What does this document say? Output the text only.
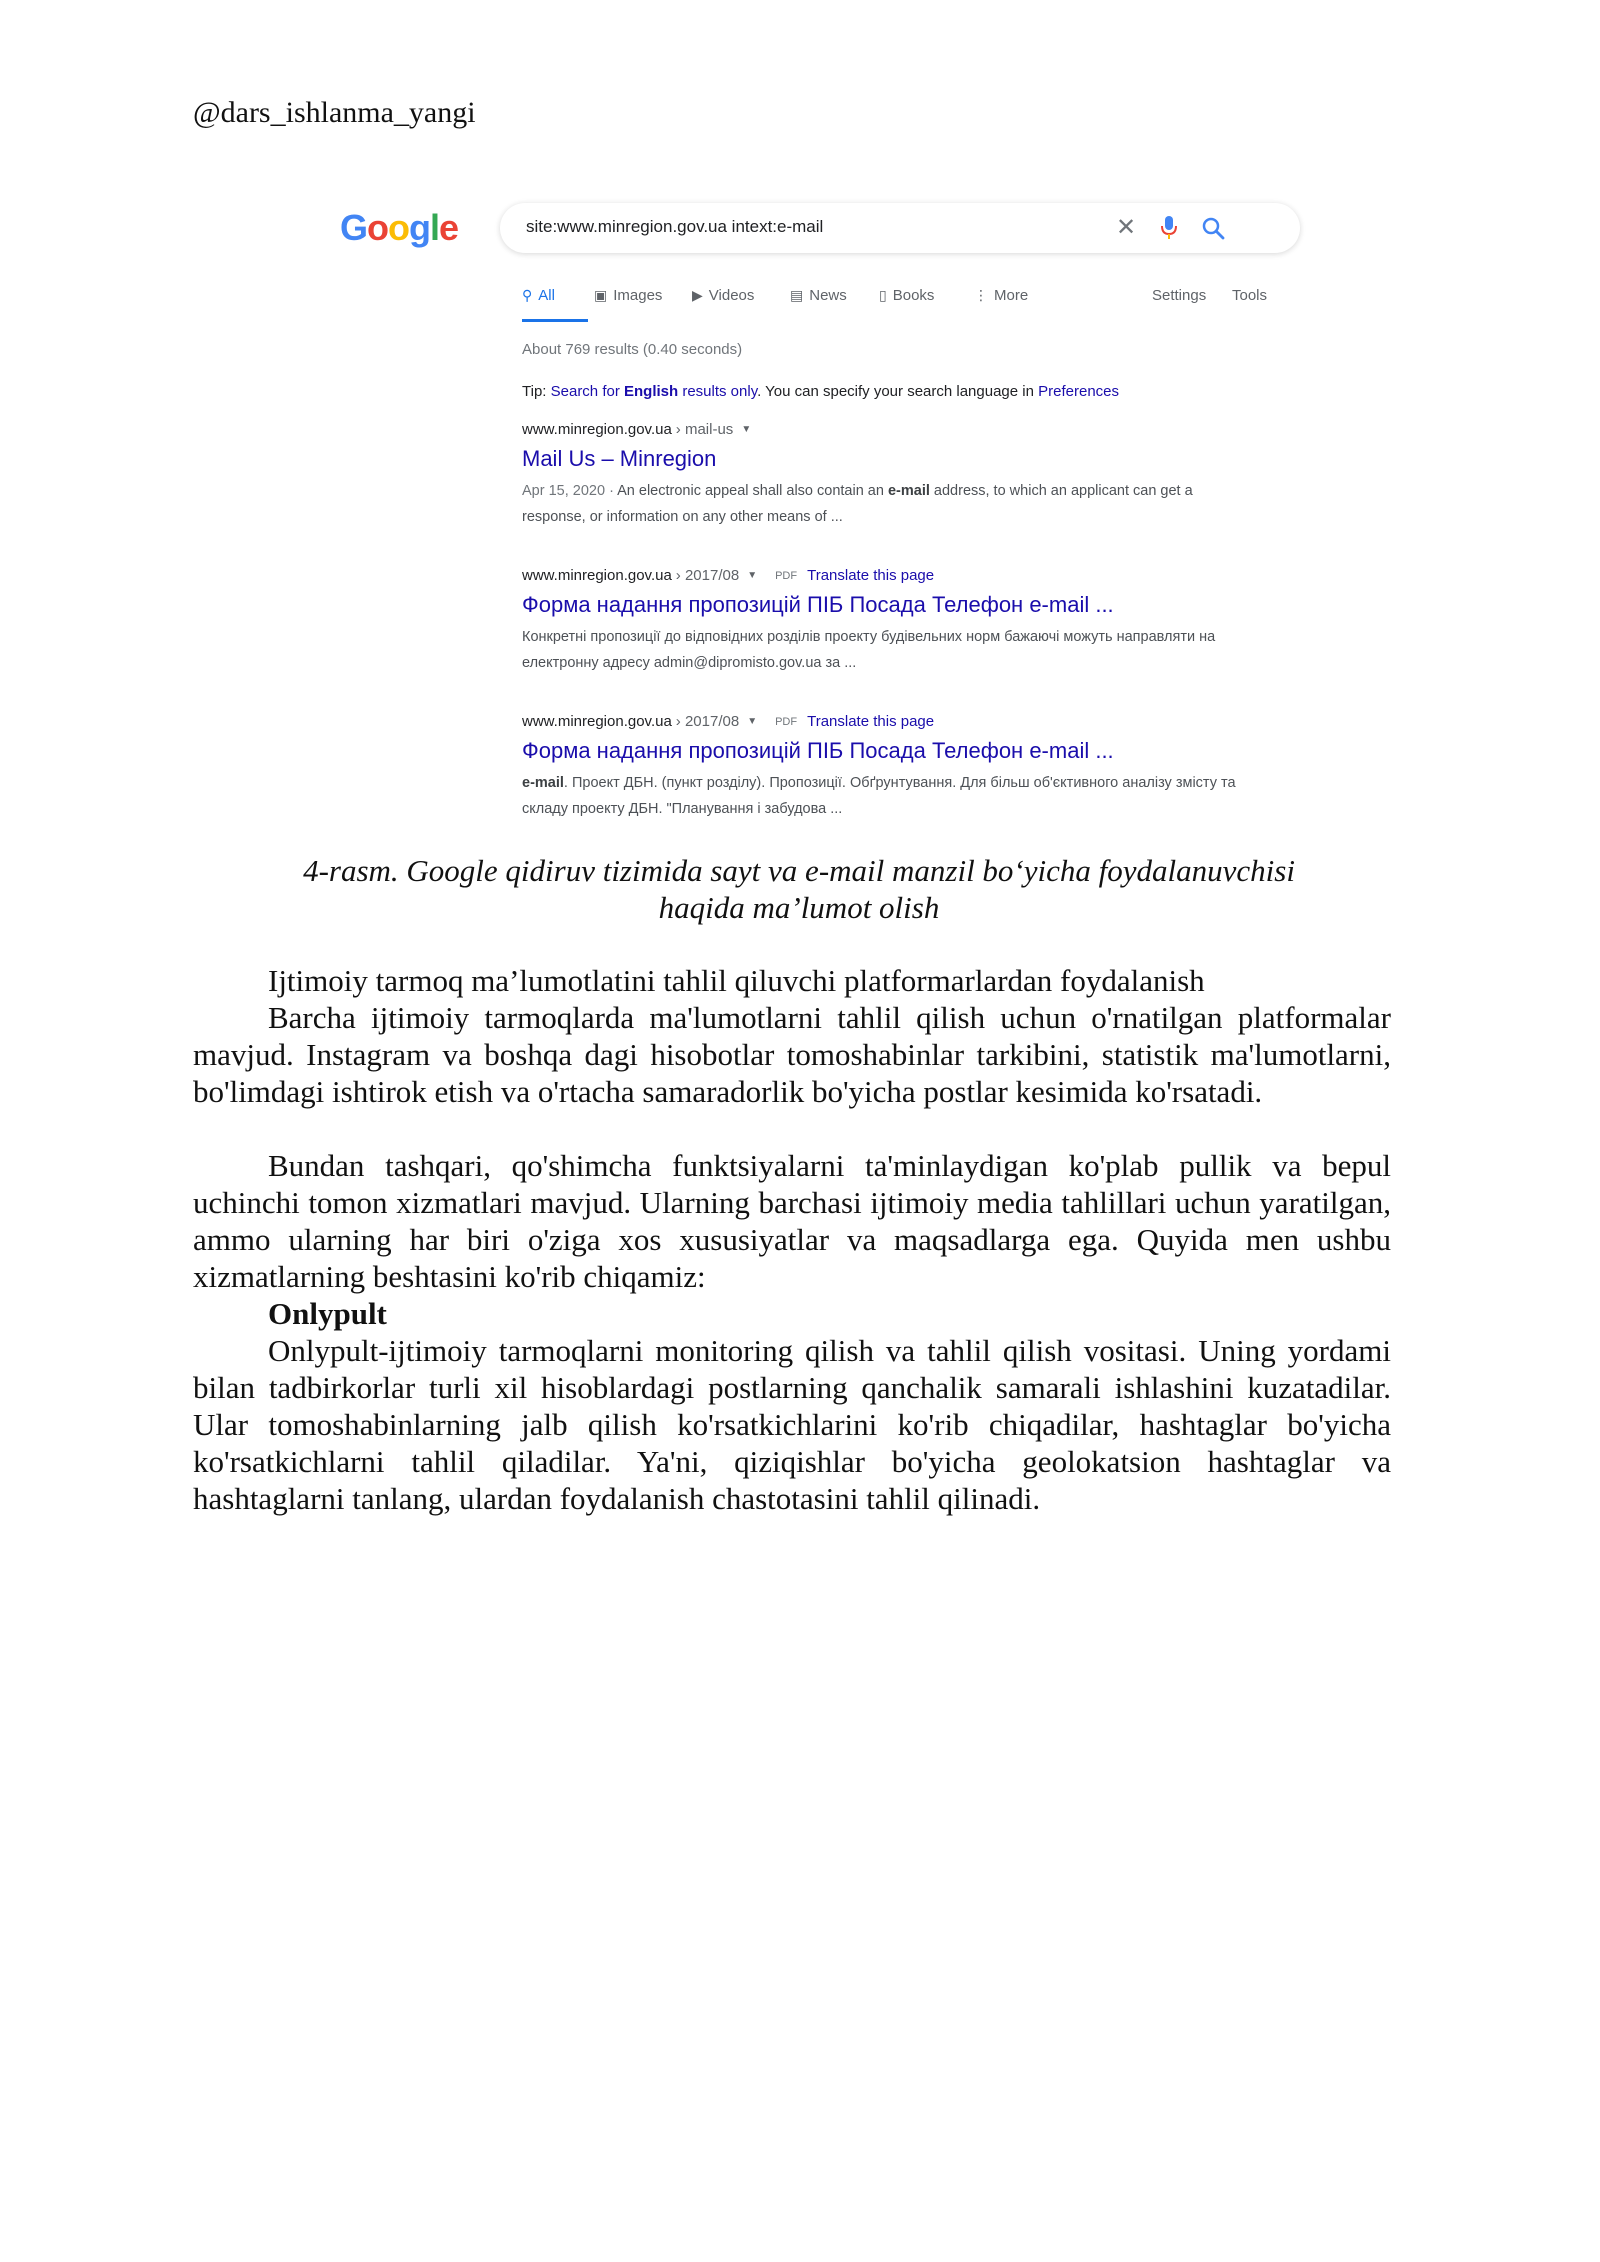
@dars_ishlanma_yangi
Google	site:www.minregion.gov.ua intext:e-mail	✕
⚲ All	▣ Images ▶ Videos	▤ News ▯ Books	⋮ More	Settings Tools
About 769 results (0.40 seconds)
Tip: Search for English results only. You can specify your search language in Preferences
www.minregion.gov.ua › mail-us ▼
Mail Us – Minregion
Apr 15, 2020 · An electronic appeal shall also contain an e-mail address, to which an applicant can get a response, or information on any other means of ...
www.minregion.gov.ua › 2017/08 ▼ PDF Translate this page
Форма надання пропозицій ПІБ Посада Телефон e-mail ...
Конкретні пропозиції до відповідних розділів проекту будівельних норм бажаючі можуть направляти на електронну адресу admin@dipromisto.gov.ua за ...
www.minregion.gov.ua › 2017/08 ▼ PDF Translate this page
Форма надання пропозицій ПІБ Посада Телефон e-mail ...
e-mail. Проект ДБН. (пункт розділу). Пропозиції. Обґрунтування. Для більш об'єктивного аналізу змісту та складу проекту ДБН. "Планування і забудова ...
4-rasm. Google qidiruv tizimida sayt va e-mail manzil bo‘yicha foydalanuvchisi
haqida ma’lumot olish

Ijtimoiy tarmoq ma’lumotlatini tahlil qiluvchi platformarlardan foydalanish

Barcha ijtimoiy tarmoqlarda ma'lumotlarni tahlil qilish uchun o'rnatilgan platformalar mavjud. Instagram va boshqa dagi hisobotlar tomoshabinlar tarkibini, statistik ma'lumotlarni, bo'limdagi ishtirok etish va o'rtacha samaradorlik bo'yicha postlar kesimida ko'rsatadi.

Bundan tashqari, qo'shimcha funktsiyalarni ta'minlaydigan ko'plab pullik va bepul uchinchi tomon xizmatlari mavjud. Ularning barchasi ijtimoiy media tahlillari uchun yaratilgan, ammo ularning har biri o'ziga xos xususiyatlar va maqsadlarga ega. Quyida men ushbu xizmatlarning beshtasini ko'rib chiqamiz:

Onlypult

Onlypult-ijtimoiy tarmoqlarni monitoring qilish va tahlil qilish vositasi. Uning yordami bilan tadbirkorlar turli xil hisoblardagi postlarning qanchalik samarali ishlashini kuzatadilar. Ular tomoshabinlarning jalb qilish ko'rsatkichlarini ko'rib chiqadilar, hashtaglar bo'yicha ko'rsatkichlarni tahlil qiladilar. Ya'ni, qiziqishlar bo'yicha geolokatsion hashtaglar va hashtaglarni tanlang, ulardan foydalanish chastotasini tahlil qilinadi.
